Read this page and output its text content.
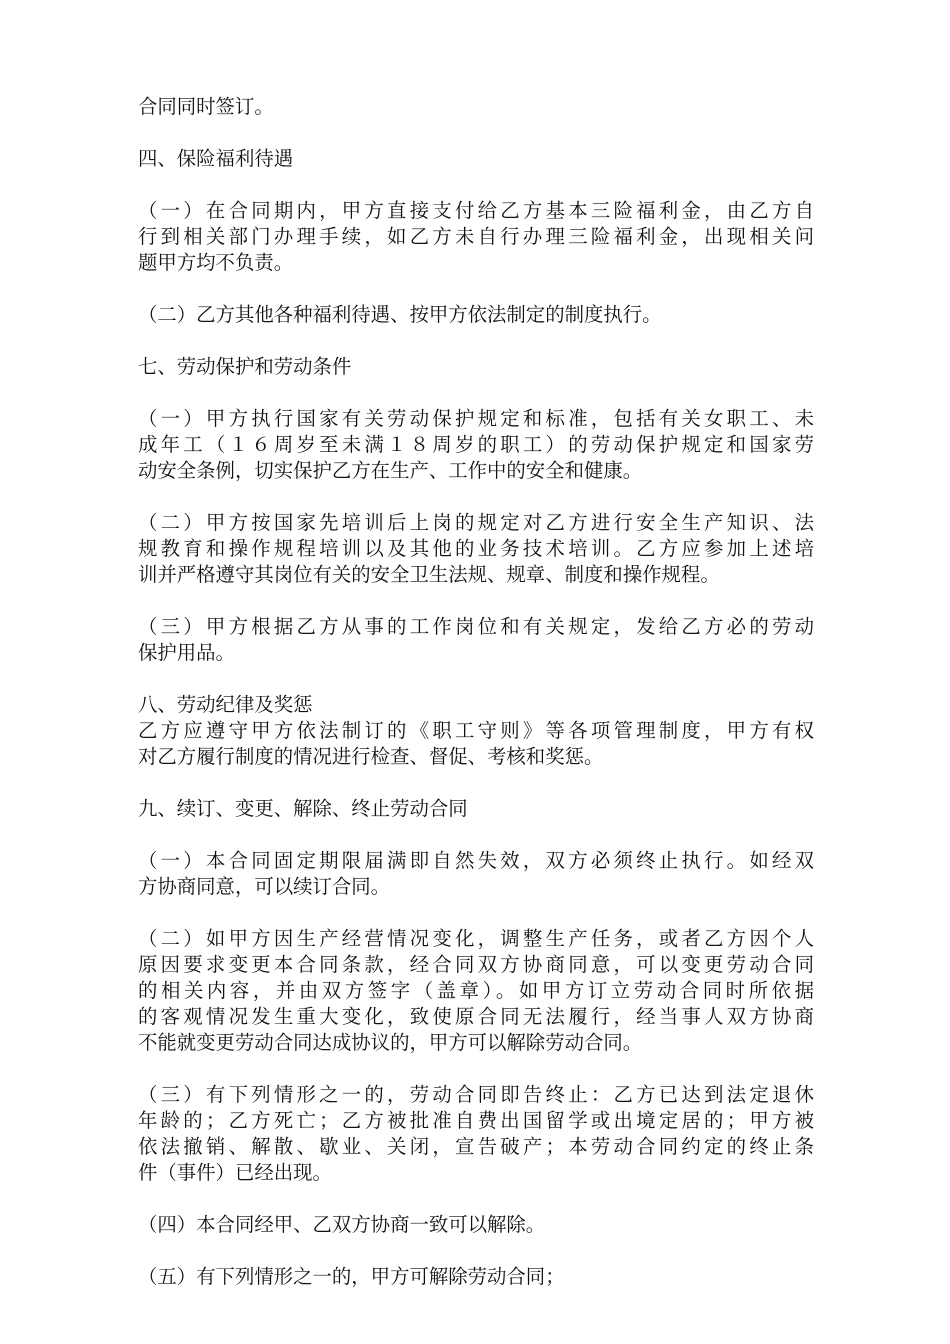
合同同时签订。

四、保险福利待遇

（一）在合同期内，甲方直接支付给乙方基本三险福利金，由乙方自
行到相关部门办理手续，如乙方未自行办理三险福利金，出现相关问
题甲方均不负责。

（二）乙方其他各种福利待遇、按甲方依法制定的制度执行。

七、劳动保护和劳动条件

（一）甲方执行国家有关劳动保护规定和标准，包括有关女职工、未
成年工（１６周岁至未满１８周岁的职工）的劳动保护规定和国家劳
动安全条例，切实保护乙方在生产、工作中的安全和健康。

（二）甲方按国家先培训后上岗的规定对乙方进行安全生产知识、法
规教育和操作规程培训以及其他的业务技术培训。乙方应参加上述培
训并严格遵守其岗位有关的安全卫生法规、规章、制度和操作规程。

（三）甲方根据乙方从事的工作岗位和有关规定，发给乙方必的劳动
保护用品。

八、劳动纪律及奖惩
乙方应遵守甲方依法制订的《职工守则》等各项管理制度，甲方有权
对乙方履行制度的情况进行检查、督促、考核和奖惩。

九、续订、变更、解除、终止劳动合同

（一）本合同固定期限届满即自然失效，双方必须终止执行。如经双
方协商同意，可以续订合同。

（二）如甲方因生产经营情况变化，调整生产任务，或者乙方因个人
原因要求变更本合同条款，经合同双方协商同意，可以变更劳动合同
的相关内容，并由双方签字（盖章）。如甲方订立劳动合同时所依据
的客观情况发生重大变化，致使原合同无法履行，经当事人双方协商
不能就变更劳动合同达成协议的，甲方可以解除劳动合同。

（三）有下列情形之一的，劳动合同即告终止：乙方已达到法定退休
年龄的；乙方死亡；乙方被批准自费出国留学或出境定居的；甲方被
依法撤销、解散、歇业、关闭，宣告破产；本劳动合同约定的终止条
件（事件）已经出现。

（四）本合同经甲、乙双方协商一致可以解除。

（五）有下列情形之一的，甲方可解除劳动合同；
